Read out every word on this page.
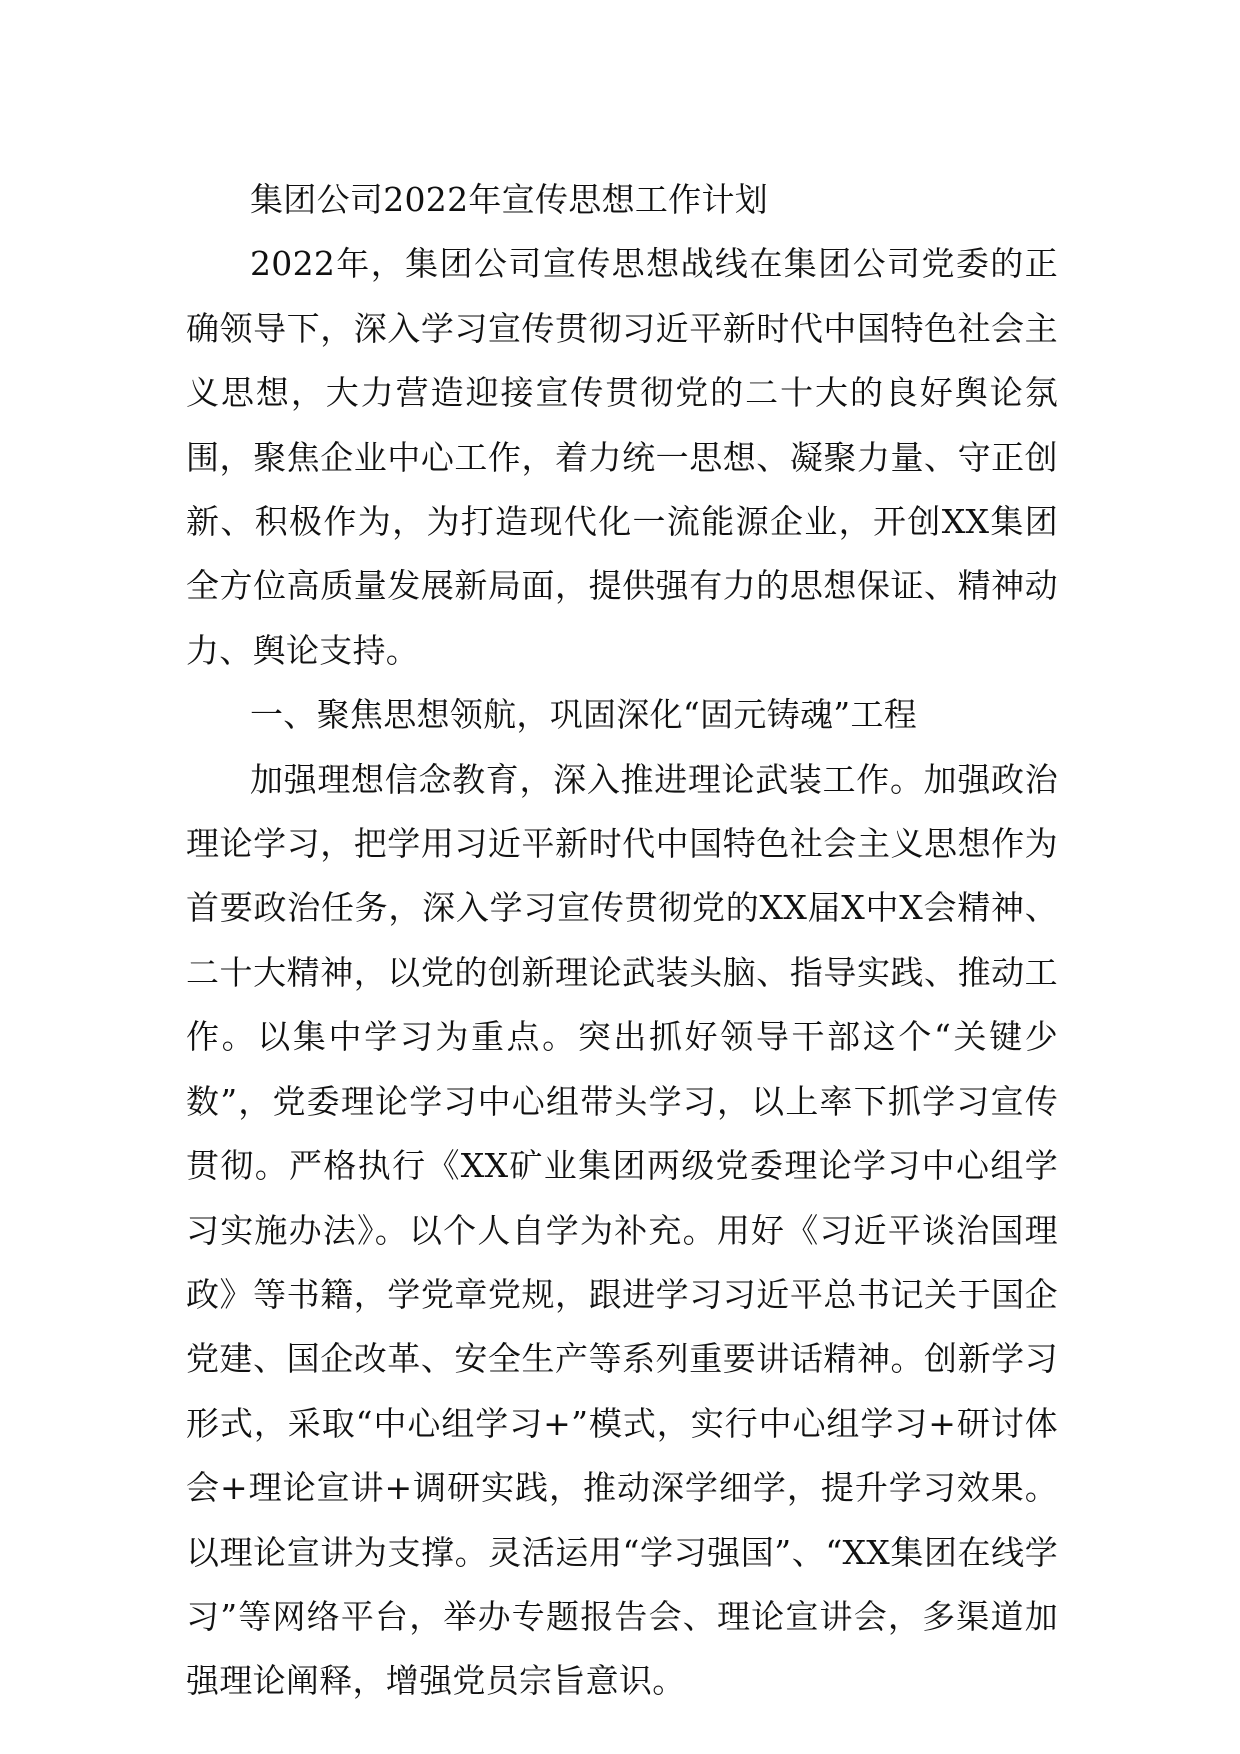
集团公司2022年宣传思想工作计划

2022年，集团公司宣传思想战线在集团公司党委的正确领导下，深入学习宣传贯彻习近平新时代中国特色社会主义思想，大力营造迎接宣传贯彻党的二十大的良好舆论氛围，聚焦企业中心工作，着力统一思想、凝聚力量、守正创新、积极作为，为打造现代化一流能源企业，开创XX集团全方位高质量发展新局面，提供强有力的思想保证、精神动力、舆论支持。

一、聚焦思想领航，巩固深化“固元铸魂”工程

加强理想信念教育，深入推进理论武装工作。加强政治理论学习，把学用习近平新时代中国特色社会主义思想作为首要政治任务，深入学习宣传贯彻党的XX届X中X会精神、二十大精神，以党的创新理论武装头脑、指导实践、推动工作。以集中学习为重点。突出抓好领导干部这个“关键少数”，党委理论学习中心组带头学习，以上率下抓学习宣传贯彻。严格执行《XX矿业集团两级党委理论学习中心组学习实施办法》。以个人自学为补充。用好《习近平谈治国理政》等书籍，学党章党规，跟进学习习近平总书记关于国企党建、国企改革、安全生产等系列重要讲话精神。创新学习形式，采取“中心组学习+”模式，实行中心组学习+研讨体会+理论宣讲+调研实践，推动深学细学，提升学习效果。以理论宣讲为支撑。灵活运用“学习强国”、“XX集团在线学习”等网络平台，举办专题报告会、理论宣讲会，多渠道加强理论阐释，增强党员宗旨意识。
